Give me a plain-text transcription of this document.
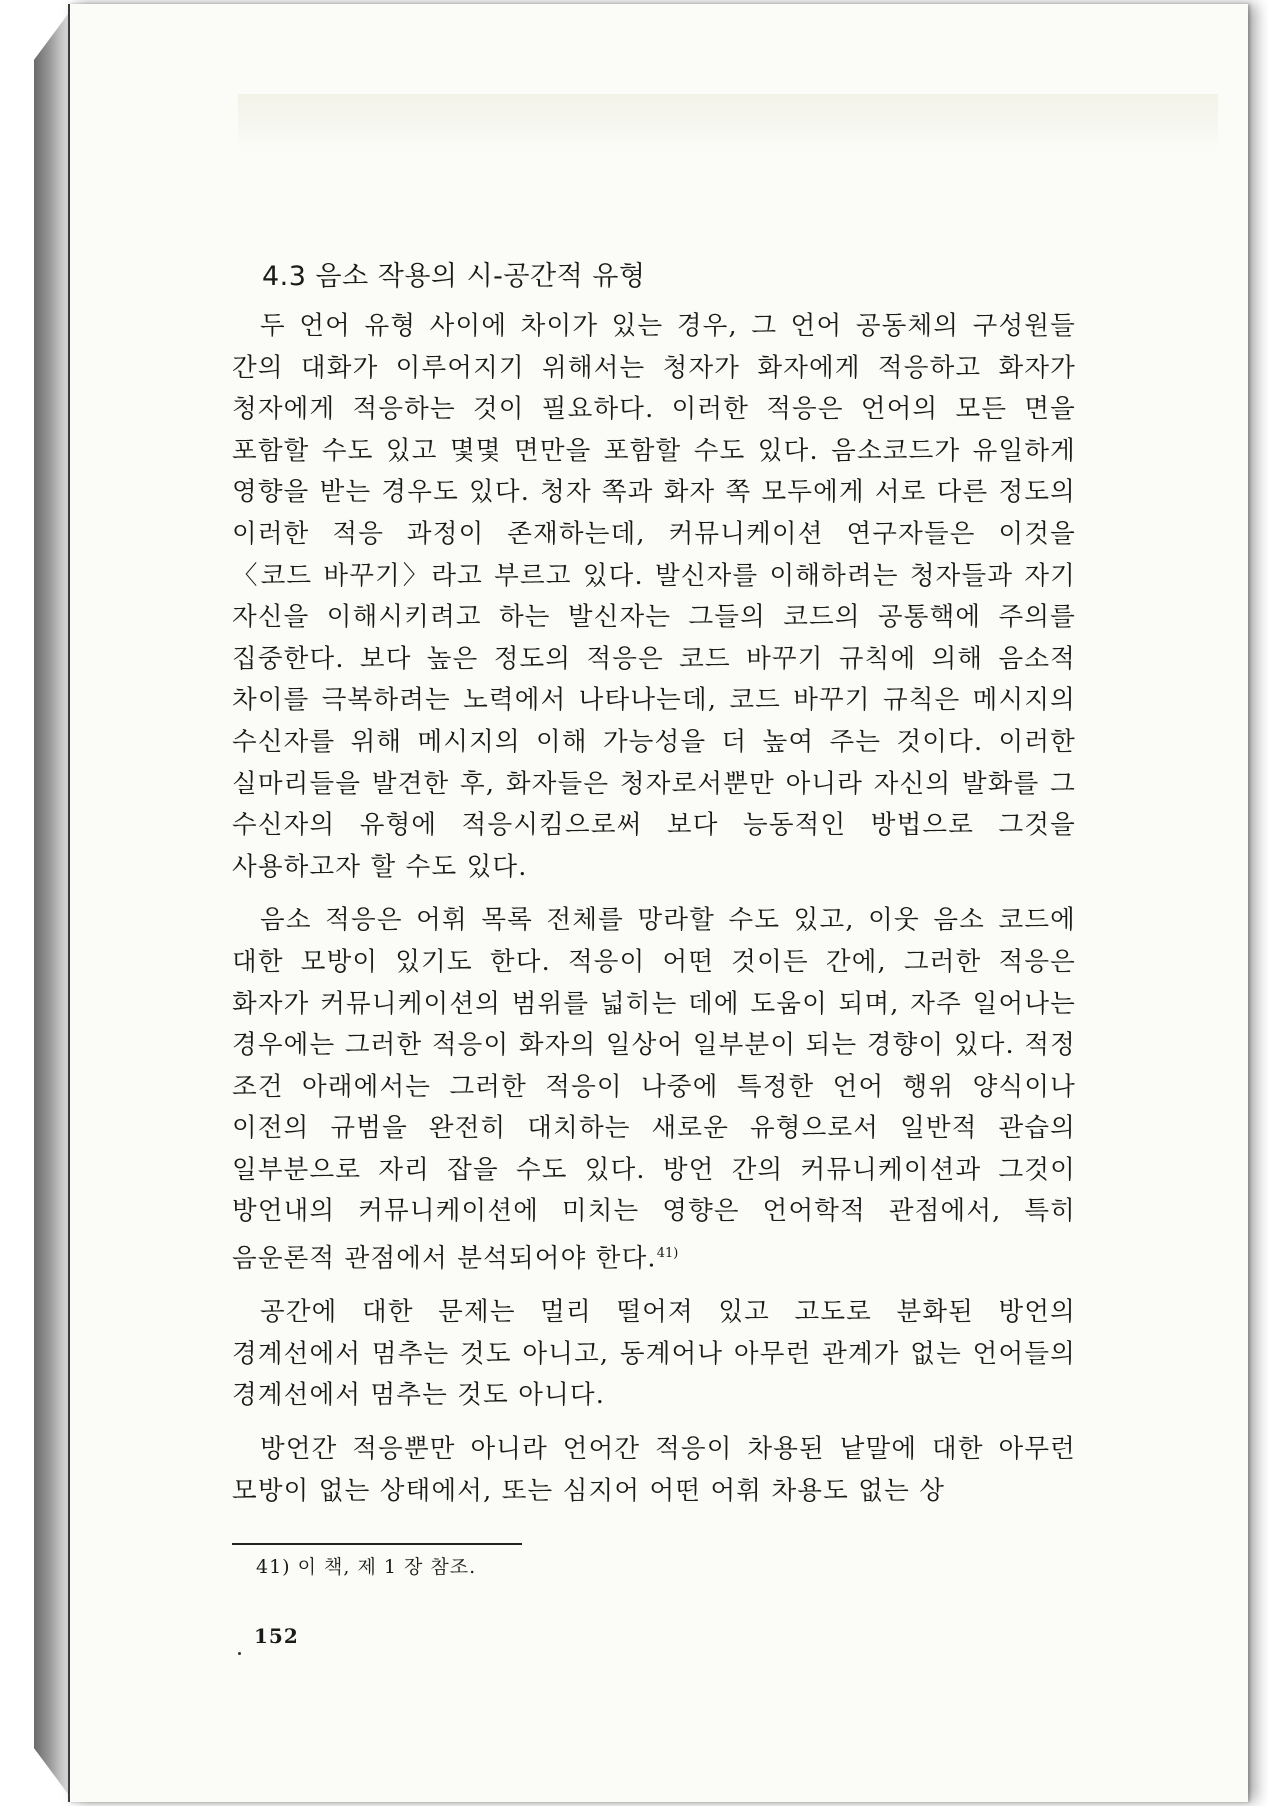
4.3 음소 작용의 시-공간적 유형

두 언어 유형 사이에 차이가 있는 경우, 그 언어 공동체의 구성원들 간의 대화가 이루어지기 위해서는 청자가 화자에게 적응하고 화자가 청자에게 적응하는 것이 필요하다. 이러한 적응은 언어의 모든 면을 포함할 수도 있고 몇몇 면만을 포함할 수도 있다. 음소코드가 유일하게 영향을 받는 경우도 있다. 청자 쪽과 화자 쪽 모두에게 서로 다른 정도의 이러한 적응 과정이 존재하는데, 커뮤니케이션 연구자들은 이것을 〈코드 바꾸기〉라고 부르고 있다. 발신자를 이해하려는 청자들과 자기 자신을 이해시키려고 하는 발신자는 그들의 코드의 공통핵에 주의를 집중한다. 보다 높은 정도의 적응은 코드 바꾸기 규칙에 의해 음소적 차이를 극복하려는 노력에서 나타나는데, 코드 바꾸기 규칙은 메시지의 수신자를 위해 메시지의 이해 가능성을 더 높여 주는 것이다. 이러한 실마리들을 발견한 후, 화자들은 청자로서뿐만 아니라 자신의 발화를 그 수신자의 유형에 적응시킴으로써 보다 능동적인 방법으로 그것을 사용하고자 할 수도 있다.

음소 적응은 어휘 목록 전체를 망라할 수도 있고, 이웃 음소 코드에 대한 모방이 있기도 한다. 적응이 어떤 것이든 간에, 그러한 적응은 화자가 커뮤니케이션의 범위를 넓히는 데에 도움이 되며, 자주 일어나는 경우에는 그러한 적응이 화자의 일상어 일부분이 되는 경향이 있다. 적정 조건 아래에서는 그러한 적응이 나중에 특정한 언어 행위 양식이나 이전의 규범을 완전히 대치하는 새로운 유형으로서 일반적 관습의 일부분으로 자리 잡을 수도 있다. 방언 간의 커뮤니케이션과 그것이 방언내의 커뮤니케이션에 미치는 영향은 언어학적 관점에서, 특히 음운론적 관점에서 분석되어야 한다.$^{41)}$

공간에 대한 문제는 멀리 떨어져 있고 고도로 분화된 방언의 경계선에서 멈추는 것도 아니고, 동계어나 아무런 관계가 없는 언어들의 경계선에서 멈추는 것도 아니다.

방언간 적응뿐만 아니라 언어간 적응이 차용된 낱말에 대한 아무런 모방이 없는 상태에서, 또는 심지어 어떤 어휘 차용도 없는 상

41) 이 책, 제 1 장 참조.
152
